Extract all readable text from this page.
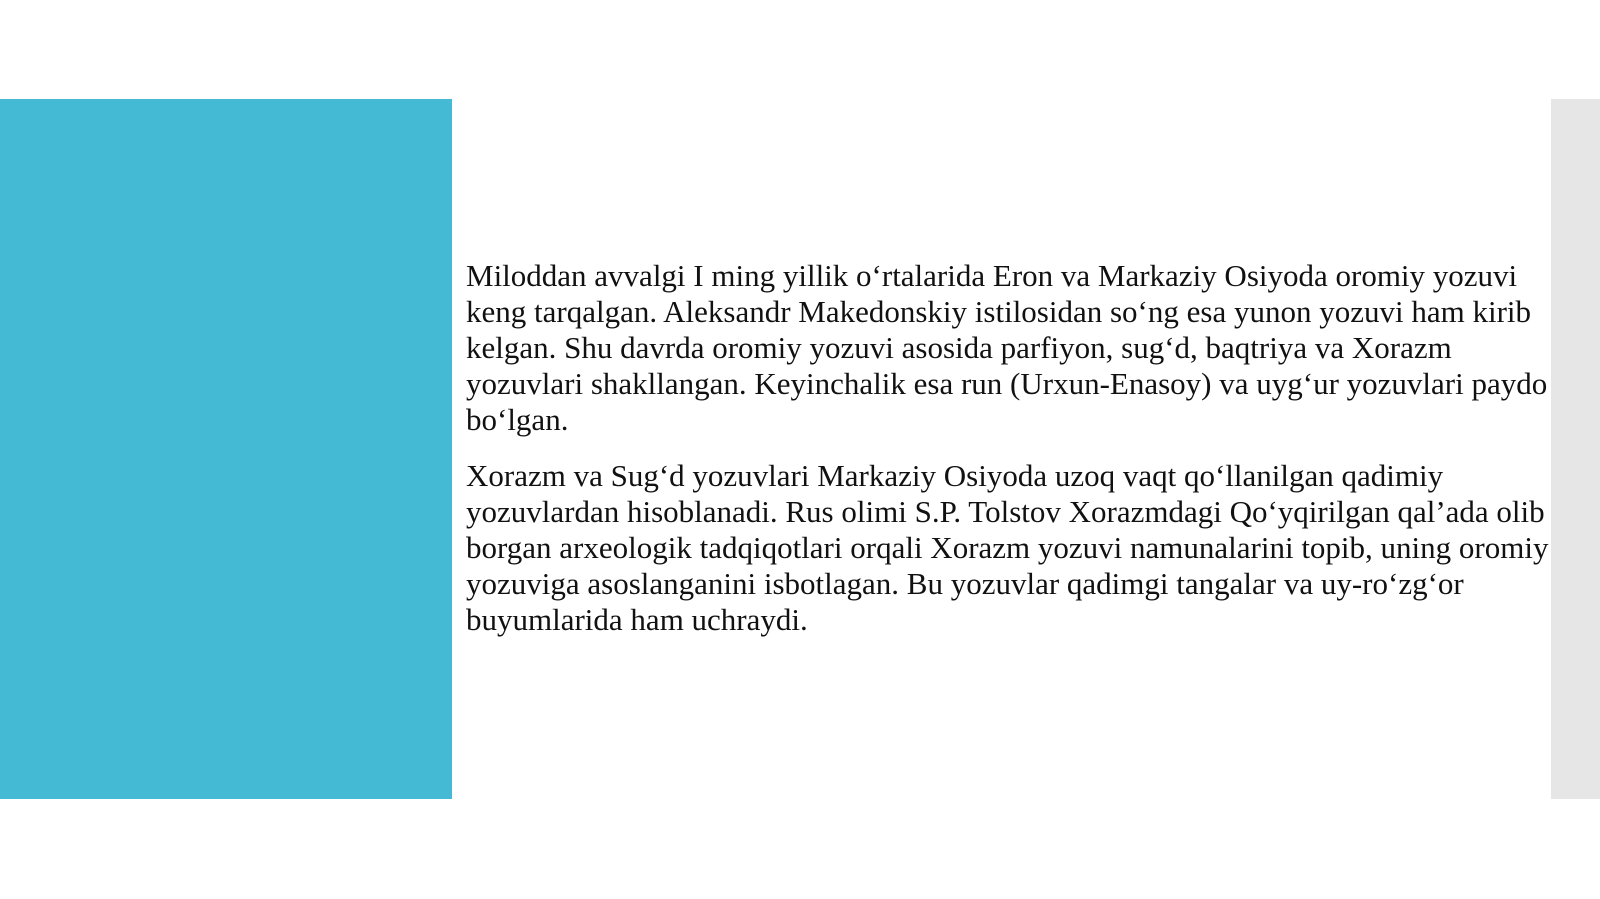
Miloddan avvalgi I ming yillik o‘rtalarida Eron va Markaziy Osiyoda oromiy yozuvi keng tarqalgan. Aleksandr Makedonskiy istilosidan so‘ng esa yunon yozuvi ham kirib kelgan. Shu davrda oromiy yozuvi asosida parfiyon, sug‘d, baqtriya va Xorazm yozuvlari shakllangan. Keyinchalik esa run (Urxun-Enasoy) va uyg‘ur yozuvlari paydo bo‘lgan.

Xorazm va Sug‘d yozuvlari Markaziy Osiyoda uzoq vaqt qo‘llanilgan qadimiy yozuvlardan hisoblanadi. Rus olimi S.P. Tolstov Xorazmdagi Qo‘yqirilgan qal’ada olib borgan arxeologik tadqiqotlari orqali Xorazm yozuvi namunalarini topib, uning oromiy yozuviga asoslanganini isbotlagan. Bu yozuvlar qadimgi tangalar va uy-ro‘zg‘or buyumlarida ham uchraydi.
